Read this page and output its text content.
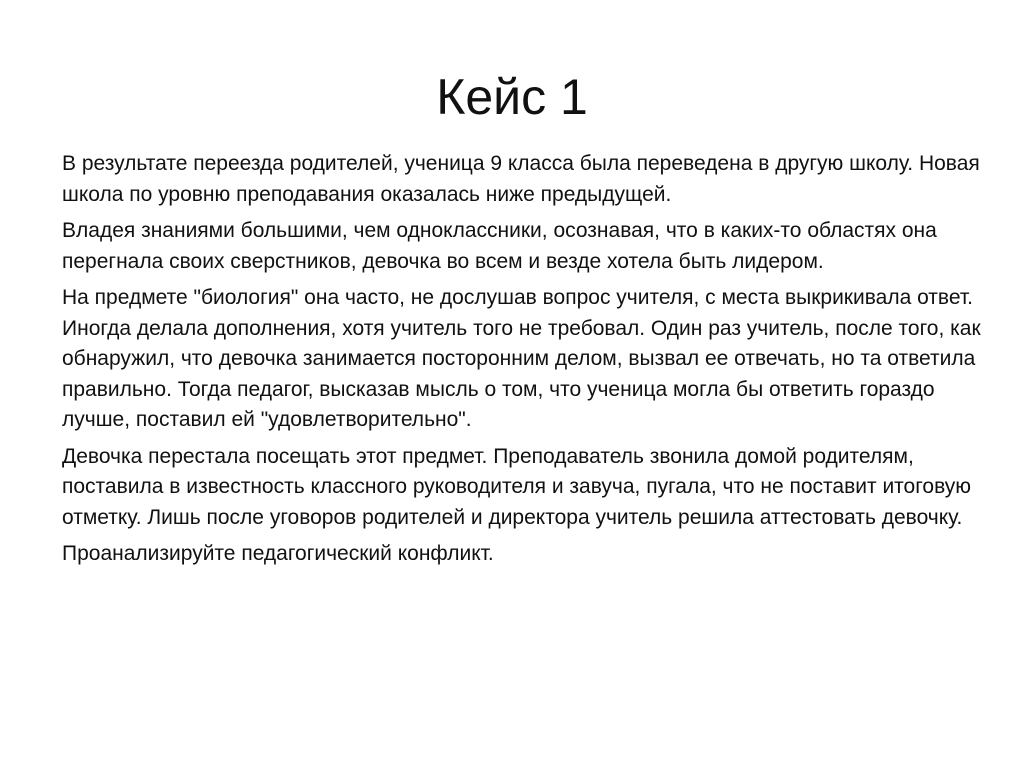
Кейс 1

В результате переезда родителей, ученица 9 класса была переведена в другую школу. Новая школа по уровню преподавания оказалась ниже предыдущей.

Владея знаниями большими, чем одноклассники, осознавая, что в каких-то областях она перегнала своих сверстников, девочка во всем и везде хотела быть лидером.

На предмете "биология" она часто, не дослушав вопрос учителя, с места выкрикивала ответ. Иногда делала дополнения, хотя учитель того не требовал. Один раз учитель, после того, как обнаружил, что девочка занимается посторонним делом, вызвал ее отвечать, но та ответила правильно. Тогда педагог, высказав мысль о том, что ученица могла бы ответить гораздо лучше, поставил ей "удовлетворительно".

Девочка перестала посещать этот предмет. Преподаватель звонила домой родителям, поставила в известность классного руководителя и завуча, пугала, что не поставит итоговую отметку. Лишь после уговоров родителей и директора учитель решила аттестовать девочку.

Проанализируйте педагогический конфликт.
